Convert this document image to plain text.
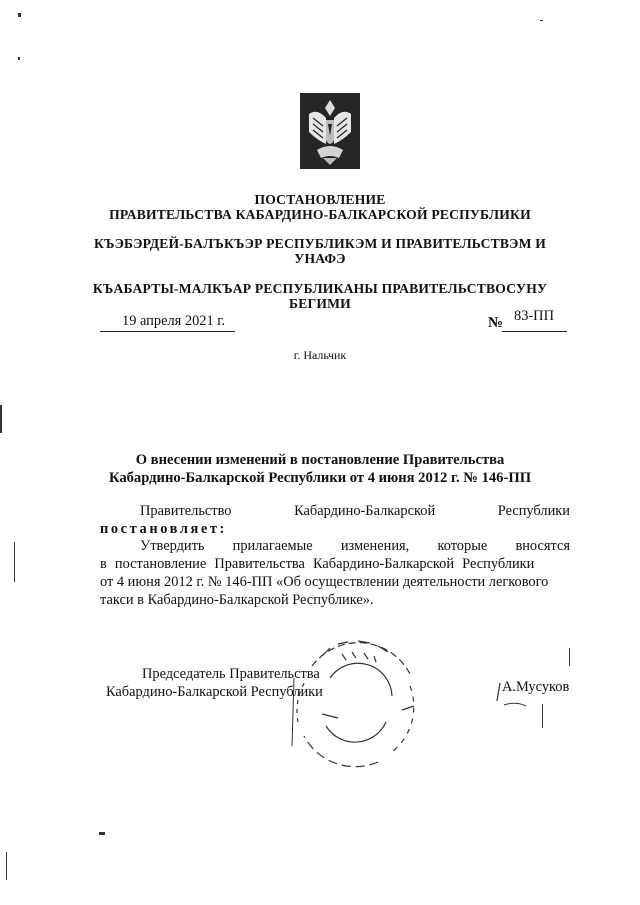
ПОСТАНОВЛЕНИЕ
ПРАВИТЕЛЬСТВА КАБАРДИНО-БАЛКАРСКОЙ РЕСПУБЛИКИ
КЪЭБЭРДЕЙ-БАЛЪКЪЭР РЕСПУБЛИКЭМ И ПРАВИТЕЛЬСТВЭМ И
УНАФЭ
КЪАБАРТЫ-МАЛКЪАР РЕСПУБЛИКАНЫ ПРАВИТЕЛЬСТВОСУНУ
БЕГИМИ
19 апреля 2021 г.	№ 83-ПП
г. Нальчик
О внесении изменений в постановление Правительства
Кабардино-Балкарской Республики от 4 июня 2012 г. № 146-ПП
Правительство	Кабардино-Балкарской	Республики
постановляет:
Утвердить прилагаемые изменения, которые вносятся
в постановление Правительства Кабардино-Балкарской Республики
от 4 июня 2012 г. № 146-ПП «Об осуществлении деятельности легкового
такси в Кабардино-Балкарской Республике».
Председатель Правительства
Кабардино-Балкарской Республики	А.Мусуков
